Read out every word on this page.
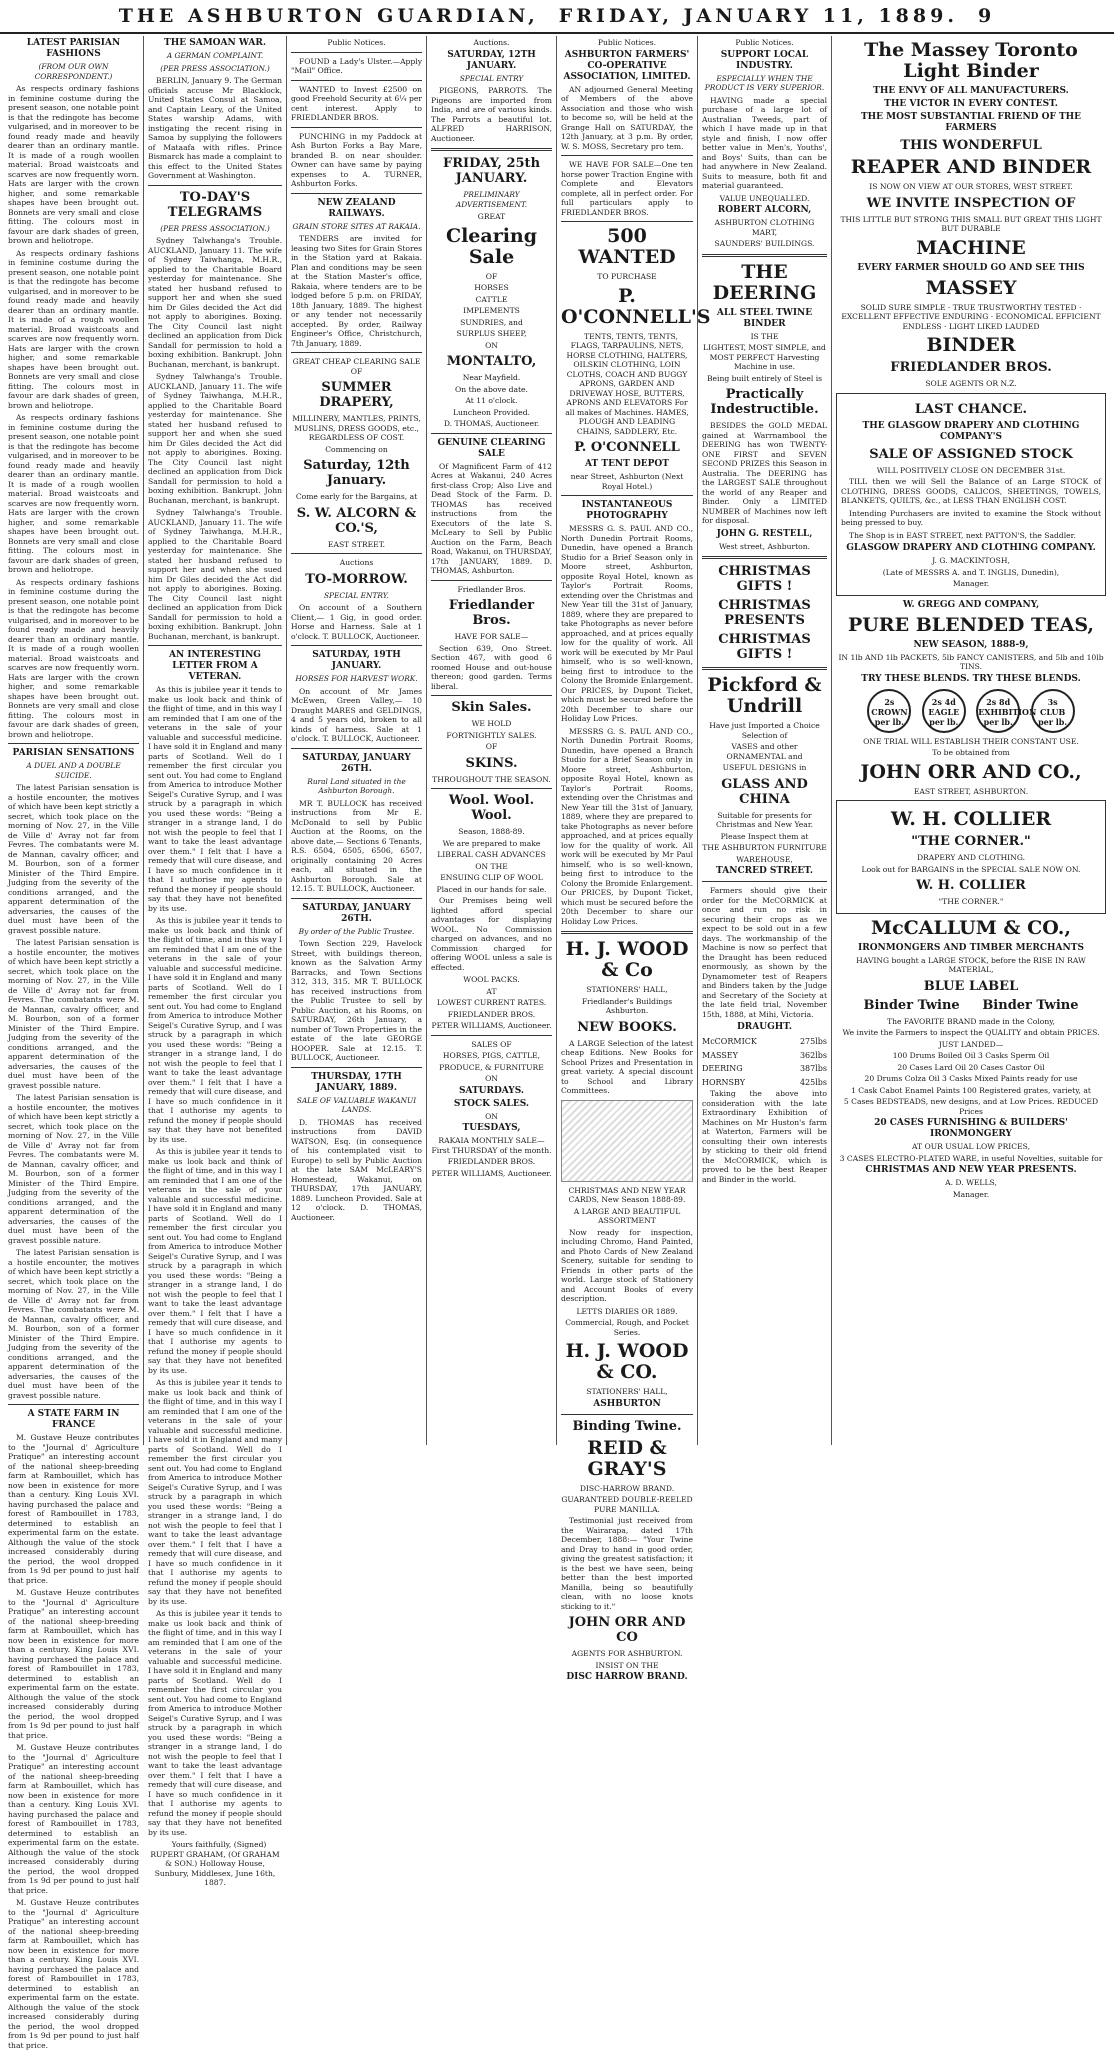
THE ASHBURTON GUARDIAN, FRIDAY, JANUARY 11, 1889. 9
LATEST PARISIAN FASHIONS
(FROM OUR OWN CORRESPONDENT.)

As respects ordinary fashions in feminine costume during the present season, one notable point is that the redingote has become vulgarised, and in moreover to be found ready made and heavily dearer than an ordinary mantle. It is made of a rough woollen material. Broad waistcoats and scarves are now frequently worn. Hats are larger with the crown higher, and some remarkable shapes have been brought out. Bonnets are very small and close fitting. The colours most in favour are dark shades of green, brown and heliotrope.

As respects ordinary fashions in feminine costume during the present season, one notable point is that the redingote has become vulgarised, and in moreover to be found ready made and heavily dearer than an ordinary mantle. It is made of a rough woollen material. Broad waistcoats and scarves are now frequently worn. Hats are larger with the crown higher, and some remarkable shapes have been brought out. Bonnets are very small and close fitting. The colours most in favour are dark shades of green, brown and heliotrope.

As respects ordinary fashions in feminine costume during the present season, one notable point is that the redingote has become vulgarised, and in moreover to be found ready made and heavily dearer than an ordinary mantle. It is made of a rough woollen material. Broad waistcoats and scarves are now frequently worn. Hats are larger with the crown higher, and some remarkable shapes have been brought out. Bonnets are very small and close fitting. The colours most in favour are dark shades of green, brown and heliotrope.

As respects ordinary fashions in feminine costume during the present season, one notable point is that the redingote has become vulgarised, and in moreover to be found ready made and heavily dearer than an ordinary mantle. It is made of a rough woollen material. Broad waistcoats and scarves are now frequently worn. Hats are larger with the crown higher, and some remarkable shapes have been brought out. Bonnets are very small and close fitting. The colours most in favour are dark shades of green, brown and heliotrope.

PARISIAN SENSATIONS
A DUEL AND A DOUBLE SUICIDE.

The latest Parisian sensation is a hostile encounter, the motives of which have been kept strictly a secret, which took place on the morning of Nov. 27, in the Ville de Ville d' Avray not far from Fevres. The combatants were M. de Mannan, cavalry officer, and M. Bourbon, son of a former Minister of the Third Empire. Judging from the severity of the conditions arranged, and the apparent determination of the adversaries, the causes of the duel must have been of the gravest possible nature.

The latest Parisian sensation is a hostile encounter, the motives of which have been kept strictly a secret, which took place on the morning of Nov. 27, in the Ville de Ville d' Avray not far from Fevres. The combatants were M. de Mannan, cavalry officer, and M. Bourbon, son of a former Minister of the Third Empire. Judging from the severity of the conditions arranged, and the apparent determination of the adversaries, the causes of the duel must have been of the gravest possible nature.

The latest Parisian sensation is a hostile encounter, the motives of which have been kept strictly a secret, which took place on the morning of Nov. 27, in the Ville de Ville d' Avray not far from Fevres. The combatants were M. de Mannan, cavalry officer, and M. Bourbon, son of a former Minister of the Third Empire. Judging from the severity of the conditions arranged, and the apparent determination of the adversaries, the causes of the duel must have been of the gravest possible nature.

The latest Parisian sensation is a hostile encounter, the motives of which have been kept strictly a secret, which took place on the morning of Nov. 27, in the Ville de Ville d' Avray not far from Fevres. The combatants were M. de Mannan, cavalry officer, and M. Bourbon, son of a former Minister of the Third Empire. Judging from the severity of the conditions arranged, and the apparent determination of the adversaries, the causes of the duel must have been of the gravest possible nature.

A STATE FARM IN FRANCE

M. Gustave Heuze contributes to the "Journal d' Agriculture Pratique" an interesting account of the national sheep-breeding farm at Rambouillet, which has now been in existence for more than a century. King Louis XVI. having purchased the palace and forest of Rambouillet in 1783, determined to establish an experimental farm on the estate. Although the value of the stock increased considerably during the period, the wool dropped from 1s 9d per pound to just half that price.

M. Gustave Heuze contributes to the "Journal d' Agriculture Pratique" an interesting account of the national sheep-breeding farm at Rambouillet, which has now been in existence for more than a century. King Louis XVI. having purchased the palace and forest of Rambouillet in 1783, determined to establish an experimental farm on the estate. Although the value of the stock increased considerably during the period, the wool dropped from 1s 9d per pound to just half that price.

M. Gustave Heuze contributes to the "Journal d' Agriculture Pratique" an interesting account of the national sheep-breeding farm at Rambouillet, which has now been in existence for more than a century. King Louis XVI. having purchased the palace and forest of Rambouillet in 1783, determined to establish an experimental farm on the estate. Although the value of the stock increased considerably during the period, the wool dropped from 1s 9d per pound to just half that price.

M. Gustave Heuze contributes to the "Journal d' Agriculture Pratique" an interesting account of the national sheep-breeding farm at Rambouillet, which has now been in existence for more than a century. King Louis XVI. having purchased the palace and forest of Rambouillet in 1783, determined to establish an experimental farm on the estate. Although the value of the stock increased considerably during the period, the wool dropped from 1s 9d per pound to just half that price.

THE SAMOAN WAR.
A GERMAN COMPLAINT.
(PER PRESS ASSOCIATION.)

BERLIN, January 9. The German officials accuse Mr Blacklock, United States Consul at Samoa, and Captain Leary, of the United States warship Adams, with instigating the recent rising in Samoa by supplying the followers of Mataafa with rifles. Prince Bismarck has made a complaint to this effect to the United States Government at Washington.

TO-DAY'S TELEGRAMS
(PER PRESS ASSOCIATION.)

Sydney Talwhanga's Trouble. AUCKLAND, January 11. The wife of Sydney Taiwhanga, M.H.R., applied to the Charitable Board yesterday for maintenance. She stated her husband refused to support her and when she sued him Dr Giles decided the Act did not apply to aborigines. Boxing. The City Council last night declined an application from Dick Sandall for permission to hold a boxing exhibition. Bankrupt. John Buchanan, merchant, is bankrupt.

Sydney Talwhanga's Trouble. AUCKLAND, January 11. The wife of Sydney Taiwhanga, M.H.R., applied to the Charitable Board yesterday for maintenance. She stated her husband refused to support her and when she sued him Dr Giles decided the Act did not apply to aborigines. Boxing. The City Council last night declined an application from Dick Sandall for permission to hold a boxing exhibition. Bankrupt. John Buchanan, merchant, is bankrupt.

Sydney Talwhanga's Trouble. AUCKLAND, January 11. The wife of Sydney Taiwhanga, M.H.R., applied to the Charitable Board yesterday for maintenance. She stated her husband refused to support her and when she sued him Dr Giles decided the Act did not apply to aborigines. Boxing. The City Council last night declined an application from Dick Sandall for permission to hold a boxing exhibition. Bankrupt. John Buchanan, merchant, is bankrupt.

AN INTERESTING LETTER FROM A VETERAN.

As this is jubilee year it tends to make us look back and think of the flight of time, and in this way I am reminded that I am one of the veterans in the sale of your valuable and successful medicine. I have sold it in England and many parts of Scotland. Well do I remember the first circular you sent out. You had come to England from America to introduce Mother Seigel's Curative Syrup, and I was struck by a paragraph in which you used these words: "Being a stranger in a strange land, I do not wish the people to feel that I want to take the least advantage over them." I felt that I have a remedy that will cure disease, and I have so much confidence in it that I authorise my agents to refund the money if people should say that they have not benefited by its use.

As this is jubilee year it tends to make us look back and think of the flight of time, and in this way I am reminded that I am one of the veterans in the sale of your valuable and successful medicine. I have sold it in England and many parts of Scotland. Well do I remember the first circular you sent out. You had come to England from America to introduce Mother Seigel's Curative Syrup, and I was struck by a paragraph in which you used these words: "Being a stranger in a strange land, I do not wish the people to feel that I want to take the least advantage over them." I felt that I have a remedy that will cure disease, and I have so much confidence in it that I authorise my agents to refund the money if people should say that they have not benefited by its use.

As this is jubilee year it tends to make us look back and think of the flight of time, and in this way I am reminded that I am one of the veterans in the sale of your valuable and successful medicine. I have sold it in England and many parts of Scotland. Well do I remember the first circular you sent out. You had come to England from America to introduce Mother Seigel's Curative Syrup, and I was struck by a paragraph in which you used these words: "Being a stranger in a strange land, I do not wish the people to feel that I want to take the least advantage over them." I felt that I have a remedy that will cure disease, and I have so much confidence in it that I authorise my agents to refund the money if people should say that they have not benefited by its use.

As this is jubilee year it tends to make us look back and think of the flight of time, and in this way I am reminded that I am one of the veterans in the sale of your valuable and successful medicine. I have sold it in England and many parts of Scotland. Well do I remember the first circular you sent out. You had come to England from America to introduce Mother Seigel's Curative Syrup, and I was struck by a paragraph in which you used these words: "Being a stranger in a strange land, I do not wish the people to feel that I want to take the least advantage over them." I felt that I have a remedy that will cure disease, and I have so much confidence in it that I authorise my agents to refund the money if people should say that they have not benefited by its use.

As this is jubilee year it tends to make us look back and think of the flight of time, and in this way I am reminded that I am one of the veterans in the sale of your valuable and successful medicine. I have sold it in England and many parts of Scotland. Well do I remember the first circular you sent out. You had come to England from America to introduce Mother Seigel's Curative Syrup, and I was struck by a paragraph in which you used these words: "Being a stranger in a strange land, I do not wish the people to feel that I want to take the least advantage over them." I felt that I have a remedy that will cure disease, and I have so much confidence in it that I authorise my agents to refund the money if people should say that they have not benefited by its use.

Yours faithfully, (Signed) RUPERT GRAHAM, (Of GRAHAM & SON.) Holloway House, Sunbury, Middlesex, June 16th, 1887.

Public Notices.

FOUND a Lady's Ulster.—Apply "Mail" Office.

WANTED to Invest £2500 on good Freehold Security at 6¼ per cent interest. Apply to FRIEDLANDER BROS.

PUNCHING in my Paddock at Ash Burton Forks a Bay Mare, branded B. on near shoulder. Owner can have same by paying expenses to A. TURNER, Ashburton Forks.

NEW ZEALAND RAILWAYS.
GRAIN STORE SITES AT RAKAIA.

TENDERS are invited for leasing two Sites for Grain Stores in the Station yard at Rakaia. Plan and conditions may be seen at the Station Master's office, Rakaia, where tenders are to be lodged before 5 p.m. on FRIDAY, 18th January, 1889. The highest or any tender not necessarily accepted. By order, Railway Engineer's Office, Christchurch, 7th January, 1889.

GREAT CHEAP CLEARING SALE OF
SUMMER DRAPERY,
MILLINERY, MANTLES, PRINTS, MUSLINS, DRESS GOODS, etc., REGARDLESS OF COST.
Commencing on
Saturday, 12th January.
Come early for the Bargains, at
S. W. ALCORN & CO.'S,
EAST STREET.
Auctions
TO-MORROW.
SPECIAL ENTRY.

On account of a Southern Client,— 1 Gig, in good order. Horse and Harness. Sale at 1 o'clock. T. BULLOCK, Auctioneer.

SATURDAY, 19TH JANUARY.
HORSES FOR HARVEST WORK.

On account of Mr James McEwen, Green Valley,— 10 Draught MARES and GELDINGS, 4 and 5 years old, broken to all kinds of harness. Sale at 1 o'clock. T. BULLOCK, Auctioneer.

SATURDAY, JANUARY 26TH.
Rural Land situated in the Ashburton Borough.

MR T. BULLOCK has received instructions from Mr E. McDonald to sell by Public Auction at the Rooms, on the above date,— Sections 6 Tenants, R.S. 6504, 6505, 6506, 6507, originally containing 20 Acres each, all situated in the Ashburton Borough. Sale at 12.15. T. BULLOCK, Auctioneer.

SATURDAY, JANUARY 26TH.
By order of the Public Trustee.

Town Section 229, Havelock Street, with buildings thereon, known as the Salvation Army Barracks, and Town Sections 312, 313, 315. MR T. BULLOCK has received instructions from the Public Trustee to sell by Public Auction, at his Rooms, on SATURDAY, 26th January, a number of Town Properties in the estate of the late GEORGE HOOPER. Sale at 12.15. T. BULLOCK, Auctioneer.

THURSDAY, 17TH JANUARY, 1889.
SALE OF VALUABLE WAKANUI LANDS.

D. THOMAS has received instructions from DAVID WATSON, Esq. (in consequence of his contemplated visit to Europe) to sell by Public Auction at the late SAM McLEARY'S Homestead, Wakanui, on THURSDAY, 17th JANUARY, 1889. Luncheon Provided. Sale at 12 o'clock. D. THOMAS, Auctioneer.

Auctions.
SATURDAY, 12TH JANUARY.
SPECIAL ENTRY

PIGEONS, PARROTS. The Pigeons are imported from India, and are of various kinds. The Parrots a beautiful lot. ALFRED HARRISON, Auctioneer.

FRIDAY, 25th JANUARY.
PRELIMINARY ADVERTISEMENT.
GREAT
Clearing Sale
OF
HORSES
CATTLE
IMPLEMENTS
SUNDRIES, and
SURPLUS SHEEP,
ON
MONTALTO,
Near Mayfield.
On the above date.
At 11 o'clock.
Luncheon Provided.
D. THOMAS, Auctioneer.
GENUINE CLEARING SALE

Of Magnificent Farm of 412 Acres at Wakanui, 240 Acres first-class Crop; Also Live and Dead Stock of the Farm. D. THOMAS has received instructions from the Executors of the late S. McLeary to Sell by Public Auction on the Farm, Beach Road, Wakanui, on THURSDAY, 17th JANUARY, 1889. D. THOMAS, Ashburton.

Friedlander Bros.
Friedlander Bros.
HAVE FOR SALE—

Section 639, Ono Street. Section 467, with good 6 roomed House and out-house thereon; good garden. Terms liberal.

Skin Sales.
WE HOLD
FORTNIGHTLY SALES.
OF
SKINS.
THROUGHOUT THE SEASON.
Wool. Wool. Wool.
Season, 1888-89.
We are prepared to make
LIBERAL CASH ADVANCES
ON THE
ENSUING CLIP OF WOOL
Placed in our hands for sale.

Our Premises being well lighted afford special advantages for displaying WOOL. No Commission charged on advances, and no Commission charged for offering WOOL unless a sale is effected.

WOOL PACKS.
AT
LOWEST CURRENT RATES.
FRIEDLANDER BROS.
PETER WILLIAMS, Auctioneer.
SALES OF
HORSES, PIGS, CATTLE,
PRODUCE, & FURNITURE
ON
SATURDAYS.
STOCK SALES.
ON
TUESDAYS,
RAKAIA MONTHLY SALE—First THURSDAY of the month.
FRIEDLANDER BROS.
PETER WILLIAMS, Auctioneer.
Public Notices.
ASHBURTON FARMERS' CO-OPERATIVE ASSOCIATION, LIMITED.

AN adjourned General Meeting of Members of the above Association and those who wish to become so, will be held at the Grange Hall on SATURDAY, the 12th January, at 3 p.m. By order, W. S. MOSS, Secretary pro tem.

WE HAVE FOR SALE—One ten horse power Traction Engine with Complete and Elevators complete, all in perfect order. For full particulars apply to FRIEDLANDER BROS.

500 WANTED
TO PURCHASE
P. O'CONNELL'S

TENTS, TENTS, TENTS, FLAGS, TARPAULINS, NETS, HORSE CLOTHING, HALTERS, OILSKIN CLOTHING, LOIN CLOTHS, COACH AND BUGGY APRONS, GARDEN AND DRIVEWAY HOSE, BUTTERS, APRONS AND ELEVATORS For all makes of Machines. HAMES, PLOUGH AND LEADING CHAINS, SADDLERY, Etc.

P. O'CONNELL
AT TENT DEPOT
near Street, Ashburton (Next Royal Hotel.)
INSTANTANEOUS PHOTOGRAPHY

MESSRS G. S. PAUL AND CO., North Dunedin Portrait Rooms, Dunedin, have opened a Branch Studio for a Brief Season only in Moore street, Ashburton, opposite Royal Hotel, known as Taylor's Portrait Rooms, extending over the Christmas and New Year till the 31st of January, 1889, where they are prepared to take Photographs as never before approached, and at prices equally low for the quality of work. All work will be executed by Mr Paul himself, who is so well-known, being first to introduce to the Colony the Bromide Enlargement. Our PRICES, by Dupont Ticket, which must be secured before the 20th December to share our Holiday Low Prices.

MESSRS G. S. PAUL AND CO., North Dunedin Portrait Rooms, Dunedin, have opened a Branch Studio for a Brief Season only in Moore street, Ashburton, opposite Royal Hotel, known as Taylor's Portrait Rooms, extending over the Christmas and New Year till the 31st of January, 1889, where they are prepared to take Photographs as never before approached, and at prices equally low for the quality of work. All work will be executed by Mr Paul himself, who is so well-known, being first to introduce to the Colony the Bromide Enlargement. Our PRICES, by Dupont Ticket, which must be secured before the 20th December to share our Holiday Low Prices.

H. J. WOOD & Co
STATIONERS' HALL,
Friedlander's Buildings Ashburton.
NEW BOOKS.

A LARGE Selection of the latest cheap Editions. New Books for School Prizes and Presentation in great variety. A special discount to School and Library Committees.

CHRISTMAS AND NEW YEAR CARDS, New Season 1888-89.
A LARGE AND BEAUTIFUL ASSORTMENT

Now ready for inspection, including Chromo, Hand Painted, and Photo Cards of New Zealand Scenery, suitable for sending to Friends in other parts of the world. Large stock of Stationery and Account Books of every description.

LETTS DIARIES OR 1889.
Commercial, Rough, and Pocket Series.
H. J. WOOD & CO.
STATIONERS' HALL,
ASHBURTON
Binding Twine.
REID & GRAY'S
DISC-HARROW BRAND.
GUARANTEED DOUBLE-REELED PURE MANILLA.

Testimonial just received from the Wairarapa, dated 17th December, 1888:— "Your Twine and Dray to hand in good order, giving the greatest satisfaction; it is the best we have seen, being better than the best imported Manilla, being so beautifully clean, with no loose knots sticking to it."

JOHN ORR AND CO
AGENTS FOR ASHBURTON.
INSIST ON THE
DISC HARROW BRAND.
Public Notices.
SUPPORT LOCAL INDUSTRY.
ESPECIALLY WHEN THE PRODUCT IS VERY SUPERIOR.

HAVING made a special purchase of a large lot of Australian Tweeds, part of which I have made up in that style and finish, I now offer better value in Men's, Youths', and Boys' Suits, than can be had anywhere in New Zealand. Suits to measure, both fit and material guaranteed.

VALUE UNEQUALLED.
ROBERT ALCORN,
ASHBURTON CLOTHING MART,
SAUNDERS' BUILDINGS.
THE DEERING
ALL STEEL TWINE BINDER
IS THE
LIGHTEST, MOST SIMPLE, and MOST PERFECT Harvesting Machine in use.
Being built entirely of Steel is
Practically Indestructible.

BESIDES the GOLD MEDAL gained at Warrnambool the DEERING has won TWENTY-ONE FIRST and SEVEN SECOND PRIZES this Season in Australia. The DEERING has the LARGEST SALE throughout the world of any Reaper and Binder. Only a LIMITED NUMBER of Machines now left for disposal.

JOHN G. RESTELL,
West street, Ashburton.
CHRISTMAS GIFTS !
CHRISTMAS PRESENTS
CHRISTMAS GIFTS !
Pickford & Undrill
Have just Imported a Choice Selection of
VASES and other ORNAMENTAL and
USEFUL DESIGNS in
GLASS AND CHINA
Suitable for presents for Christmas and New Year.
Please Inspect them at
THE ASHBURTON FURNITURE
WAREHOUSE,
TANCRED STREET.

Farmers should give their order for the McCORMICK at once and run no risk in securing their crops as we expect to be sold out in a few days. The workmanship of the Machine is now so perfect that the Draught has been reduced enormously, as shown by the Dynamometer test of Reapers and Binders taken by the Judge and Secretary of the Society at the late field trial, November 15th, 1888, at Mihi, Victoria.

DRAUGHT.
McCORMICK	275lbs
MASSEY	362lbs
DEERING	387lbs
HORNSBY	425lbs

Taking the above into consideration with the late Extraordinary Exhibition of Machines on Mr Huston's farm at Waterton, Farmers will be consulting their own interests by sticking to their old friend the McCORMICK, which is proved to be the best Reaper and Binder in the world.

The Massey Toronto Light Binder
THE ENVY OF ALL MANUFACTURERS.
THE VICTOR IN EVERY CONTEST.
THE MOST SUBSTANTIAL FRIEND OF THE FARMERS
THIS WONDERFUL
REAPER AND BINDER
IS NOW ON VIEW AT OUR STORES, WEST STREET.
WE INVITE INSPECTION OF
THIS LITTLE BUT STRONG THIS SMALL BUT GREAT THIS LIGHT BUT DURABLE
MACHINE
EVERY FARMER SHOULD GO AND SEE THIS
MASSEY
SOLID SURE SIMPLE · TRUE TRUSTWORTHY TESTED · EXCELLENT EFFECTIVE ENDURING · ECONOMICAL EFFICIENT ENDLESS · LIGHT LIKED LAUDED
BINDER
FRIEDLANDER BROS.
SOLE AGENTS OR N.Z.
LAST CHANCE.
THE GLASGOW DRAPERY AND CLOTHING COMPANY'S
SALE OF ASSIGNED STOCK
WILL POSITIVELY CLOSE ON DECEMBER 31st.

TILL then we will Sell the Balance of an Large STOCK of CLOTHING, DRESS GOODS, CALICOS, SHEETINGS, TOWELS, BLANKETS, QUILTS, &c., at LESS THAN ENGLISH COST.

Intending Purchasers are invited to examine the Stock without being pressed to buy.

The Shop is in EAST STREET, next PATTON'S, the Saddler.

GLASGOW DRAPERY AND CLOTHING COMPANY.
J. G. MACKINTOSH,
(Late of MESSRS A. and T. INGLIS, Dunedin),
Manager.
W. GREGG AND COMPANY,
PURE BLENDED TEAS,
NEW SEASON, 1888-9,
IN 1lb AND 1lb PACKETS, 5lb FANCY CANISTERS, and 5lb and 10lb TINS.
TRY THESE BLENDS. TRY THESE BLENDS.
2s
CROWN
per lb.

2s 4d
EAGLE
per lb.

2s 8d
EXHIBITION
per lb.

3s
CLUB
per lb.
ONE TRIAL WILL ESTABLISH THEIR CONSTANT USE.
To be obtained from
JOHN ORR AND CO.,
EAST STREET, ASHBURTON.
W. H. COLLIER
"THE CORNER."
DRAPERY AND CLOTHING.
Look out for BARGAINS in the SPECIAL SALE NOW ON.
W. H. COLLIER
"THE CORNER."
McCALLUM & CO.,
IRONMONGERS AND TIMBER MERCHANTS
HAVING bought a LARGE STOCK, before the RISE IN RAW MATERIAL,
BLUE LABEL
Binder Twine Binder Twine
The FAVORITE BRAND made in the Colony,
We invite the Farmers to inspect the QUALITY and obtain PRICES.
JUST LANDED—
100 Drums Boiled Oil 3 Casks Sperm Oil
20 Cases Lard Oil 20 Cases Castor Oil
20 Drums Colza Oil 3 Casks Mixed Paints ready for use
1 Cask Cabot Enamel Paints 100 Registered grates, variety, at
5 Cases BEDSTEADS, new designs, and at Low Prices. REDUCED Prices
20 CASES FURNISHING & BUILDERS' IRONMONGERY
AT OUR USUAL LOW PRICES,
3 CASES ELECTRO-PLATED WARE, in useful Novelties, suitable for
CHRISTMAS AND NEW YEAR PRESENTS.
A. D. WELLS,
Manager.
